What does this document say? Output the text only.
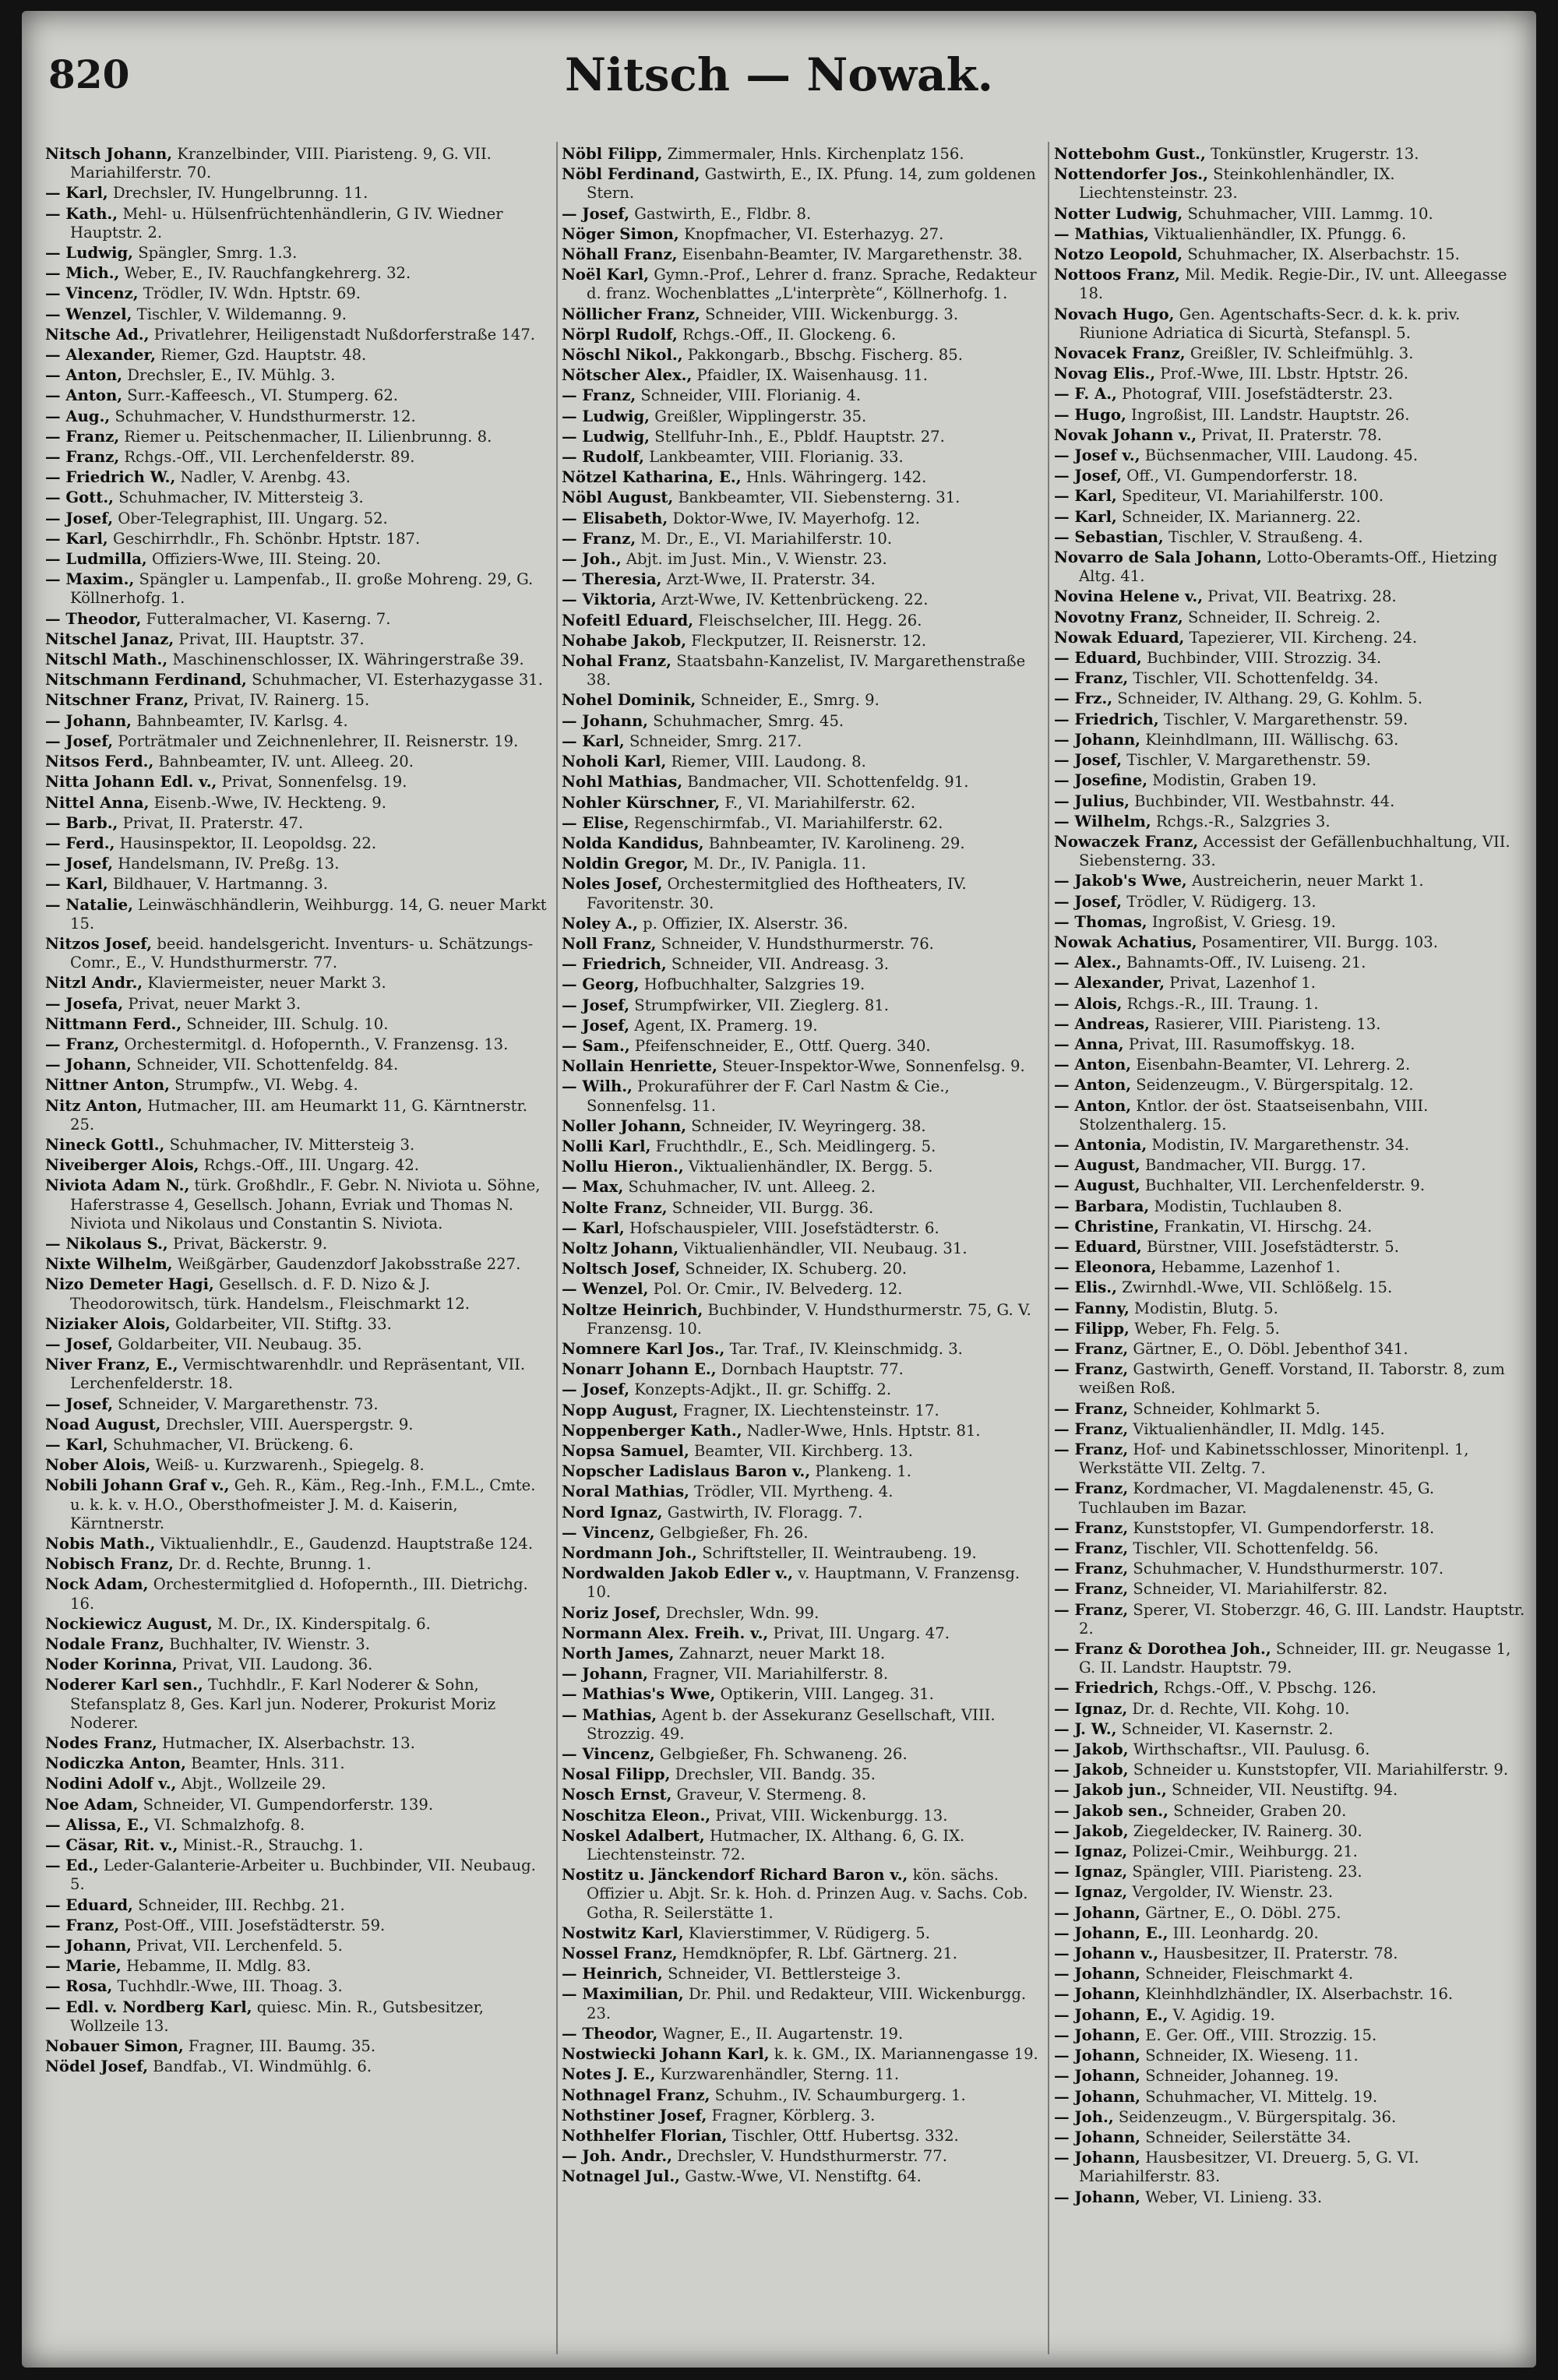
820	Nitsch — Nowak.
Nitsch Johann, Kranzelbinder, VIII. Piaristeng. 9, G. VII. Mariahilferstr. 70.
— Karl, Drechsler, IV. Hungelbrunng. 11.
— Kath., Mehl- u. Hülsenfrüchtenhändlerin, G IV. Wiedner Hauptstr. 2.
— Ludwig, Spängler, Smrg. 1.3.
— Mich., Weber, E., IV. Rauchfangkehrerg. 32.
— Vincenz, Trödler, IV. Wdn. Hptstr. 69.
— Wenzel, Tischler, V. Wildemanng. 9.
Nitsche Ad., Privatlehrer, Heiligenstadt Nußdorferstraße 147.
— Alexander, Riemer, Gzd. Hauptstr. 48.
— Anton, Drechsler, E., IV. Mühlg. 3.
— Anton, Surr.-Kaffeesch., VI. Stumperg. 62.
— Aug., Schuhmacher, V. Hundsthurmerstr. 12.
— Franz, Riemer u. Peitschenmacher, II. Lilienbrunng. 8.
— Franz, Rchgs.-Off., VII. Lerchenfelderstr. 89.
— Friedrich W., Nadler, V. Arenbg. 43.
— Gott., Schuhmacher, IV. Mittersteig 3.
— Josef, Ober-Telegraphist, III. Ungarg. 52.
— Karl, Geschirrhdlr., Fh. Schönbr. Hptstr. 187.
— Ludmilla, Offiziers-Wwe, III. Steing. 20.
— Maxim., Spängler u. Lampenfab., II. große Mohreng. 29, G. Köllnerhofg. 1.
— Theodor, Futteralmacher, VI. Kaserng. 7.
Nitschel Janaz, Privat, III. Hauptstr. 37.
Nitschl Math., Maschinenschlosser, IX. Währingerstraße 39.
Nitschmann Ferdinand, Schuhmacher, VI. Esterhazygasse 31.
Nitschner Franz, Privat, IV. Rainerg. 15.
— Johann, Bahnbeamter, IV. Karlsg. 4.
— Josef, Porträtmaler und Zeichnenlehrer, II. Reisnerstr. 19.
Nitsos Ferd., Bahnbeamter, IV. unt. Alleeg. 20.
Nitta Johann Edl. v., Privat, Sonnenfelsg. 19.
Nittel Anna, Eisenb.-Wwe, IV. Heckteng. 9.
— Barb., Privat, II. Praterstr. 47.
— Ferd., Hausinspektor, II. Leopoldsg. 22.
— Josef, Handelsmann, IV. Preßg. 13.
— Karl, Bildhauer, V. Hartmanng. 3.
— Natalie, Leinwäschhändlerin, Weihburgg. 14, G. neuer Markt 15.
Nitzos Josef, beeid. handelsgericht. Inventurs- u. Schätzungs-Comr., E., V. Hundsthurmerstr. 77.
Nitzl Andr., Klaviermeister, neuer Markt 3.
— Josefa, Privat, neuer Markt 3.
Nittmann Ferd., Schneider, III. Schulg. 10.
— Franz, Orchestermitgl. d. Hofopernth., V. Franzensg. 13.
— Johann, Schneider, VII. Schottenfeldg. 84.
Nittner Anton, Strumpfw., VI. Webg. 4.
Nitz Anton, Hutmacher, III. am Heumarkt 11, G. Kärntnerstr. 25.
Nineck Gottl., Schuhmacher, IV. Mittersteig 3.
Niveiberger Alois, Rchgs.-Off., III. Ungarg. 42.
Niviota Adam N., türk. Großhdlr., F. Gebr. N. Niviota u. Söhne, Haferstrasse 4, Gesellsch. Johann, Evriak und Thomas N. Niviota und Nikolaus und Constantin S. Niviota.
— Nikolaus S., Privat, Bäckerstr. 9.
Nixte Wilhelm, Weißgärber, Gaudenzdorf Jakobsstraße 227.
Nizo Demeter Hagi, Gesellsch. d. F. D. Nizo & J. Theodorowitsch, türk. Handelsm., Fleischmarkt 12.
Niziaker Alois, Goldarbeiter, VII. Stiftg. 33.
— Josef, Goldarbeiter, VII. Neubaug. 35.
Niver Franz, E., Vermischtwarenhdlr. und Repräsentant, VII. Lerchenfelderstr. 18.
— Josef, Schneider, V. Margarethenstr. 73.
Noad August, Drechsler, VIII. Auerspergstr. 9.
— Karl, Schuhmacher, VI. Brückeng. 6.
Nober Alois, Weiß- u. Kurzwarenh., Spiegelg. 8.
Nobili Johann Graf v., Geh. R., Käm., Reg.-Inh., F.M.L., Cmte. u. k. k. v. H.O., Obersthofmeister J. M. d. Kaiserin, Kärntnerstr.
Nobis Math., Viktualienhdlr., E., Gaudenzd. Hauptstraße 124.
Nobisch Franz, Dr. d. Rechte, Brunng. 1.
Nock Adam, Orchestermitglied d. Hofopernth., III. Dietrichg. 16.
Nockiewicz August, M. Dr., IX. Kinderspitalg. 6.
Nodale Franz, Buchhalter, IV. Wienstr. 3.
Noder Korinna, Privat, VII. Laudong. 36.
Noderer Karl sen., Tuchhdlr., F. Karl Noderer & Sohn, Stefansplatz 8, Ges. Karl jun. Noderer, Prokurist Moriz Noderer.
Nodes Franz, Hutmacher, IX. Alserbachstr. 13.
Nodiczka Anton, Beamter, Hnls. 311.
Nodini Adolf v., Abjt., Wollzeile 29.
Noe Adam, Schneider, VI. Gumpendorferstr. 139.
— Alissa, E., VI. Schmalzhofg. 8.
— Cäsar, Rit. v., Minist.-R., Strauchg. 1.
— Ed., Leder-Galanterie-Arbeiter u. Buchbinder, VII. Neubaug. 5.
— Eduard, Schneider, III. Rechbg. 21.
— Franz, Post-Off., VIII. Josefstädterstr. 59.
— Johann, Privat, VII. Lerchenfeld. 5.
— Marie, Hebamme, II. Mdlg. 83.
— Rosa, Tuchhdlr.-Wwe, III. Thoag. 3.
— Edl. v. Nordberg Karl, quiesc. Min. R., Gutsbesitzer, Wollzeile 13.
Nobauer Simon, Fragner, III. Baumg. 35.
Nödel Josef, Bandfab., VI. Windmühlg. 6.
Nöbl Filipp, Zimmermaler, Hnls. Kirchenplatz 156.
Nöbl Ferdinand, Gastwirth, E., IX. Pfung. 14, zum goldenen Stern.
— Josef, Gastwirth, E., Fldbr. 8.
Nöger Simon, Knopfmacher, VI. Esterhazyg. 27.
Nöhall Franz, Eisenbahn-Beamter, IV. Margarethenstr. 38.
Noël Karl, Gymn.-Prof., Lehrer d. franz. Sprache, Redakteur d. franz. Wochenblattes „L'interprète“, Köllnerhofg. 1.
Nöllicher Franz, Schneider, VIII. Wickenburgg. 3.
Nörpl Rudolf, Rchgs.-Off., II. Glockeng. 6.
Nöschl Nikol., Pakkongarb., Bbschg. Fischerg. 85.
Nötscher Alex., Pfaidler, IX. Waisenhausg. 11.
— Franz, Schneider, VIII. Florianig. 4.
— Ludwig, Greißler, Wipplingerstr. 35.
— Ludwig, Stellfuhr-Inh., E., Pbldf. Hauptstr. 27.
— Rudolf, Lankbeamter, VIII. Florianig. 33.
Nötzel Katharina, E., Hnls. Währingerg. 142.
Nöbl August, Bankbeamter, VII. Siebensterng. 31.
— Elisabeth, Doktor-Wwe, IV. Mayerhofg. 12.
— Franz, M. Dr., E., VI. Mariahilferstr. 10.
— Joh., Abjt. im Just. Min., V. Wienstr. 23.
— Theresia, Arzt-Wwe, II. Praterstr. 34.
— Viktoria, Arzt-Wwe, IV. Kettenbrückeng. 22.
Nofeitl Eduard, Fleischselcher, III. Hegg. 26.
Nohabe Jakob, Fleckputzer, II. Reisnerstr. 12.
Nohal Franz, Staatsbahn-Kanzelist, IV. Margarethenstraße 38.
Nohel Dominik, Schneider, E., Smrg. 9.
— Johann, Schuhmacher, Smrg. 45.
— Karl, Schneider, Smrg. 217.
Noholi Karl, Riemer, VIII. Laudong. 8.
Nohl Mathias, Bandmacher, VII. Schottenfeldg. 91.
Nohler Kürschner, F., VI. Mariahilferstr. 62.
— Elise, Regenschirmfab., VI. Mariahilferstr. 62.
Nolda Kandidus, Bahnbeamter, IV. Karolineng. 29.
Noldin Gregor, M. Dr., IV. Panigla. 11.
Noles Josef, Orchestermitglied des Hoftheaters, IV. Favoritenstr. 30.
Noley A., p. Offizier, IX. Alserstr. 36.
Noll Franz, Schneider, V. Hundsthurmerstr. 76.
— Friedrich, Schneider, VII. Andreasg. 3.
— Georg, Hofbuchhalter, Salzgries 19.
— Josef, Strumpfwirker, VII. Zieglerg. 81.
— Josef, Agent, IX. Pramerg. 19.
— Sam., Pfeifenschneider, E., Ottf. Querg. 340.
Nollain Henriette, Steuer-Inspektor-Wwe, Sonnenfelsg. 9.
— Wilh., Prokuraführer der F. Carl Nastm & Cie., Sonnenfelsg. 11.
Noller Johann, Schneider, IV. Weyringerg. 38.
Nolli Karl, Fruchthdlr., E., Sch. Meidlingerg. 5.
Nollu Hieron., Viktualienhändler, IX. Bergg. 5.
— Max, Schuhmacher, IV. unt. Alleeg. 2.
Nolte Franz, Schneider, VII. Burgg. 36.
— Karl, Hofschauspieler, VIII. Josefstädterstr. 6.
Noltz Johann, Viktualienhändler, VII. Neubaug. 31.
Noltsch Josef, Schneider, IX. Schuberg. 20.
— Wenzel, Pol. Or. Cmir., IV. Belvederg. 12.
Noltze Heinrich, Buchbinder, V. Hundsthurmerstr. 75, G. V. Franzensg. 10.
Nomnere Karl Jos., Tar. Traf., IV. Kleinschmidg. 3.
Nonarr Johann E., Dornbach Hauptstr. 77.
— Josef, Konzepts-Adjkt., II. gr. Schiffg. 2.
Nopp August, Fragner, IX. Liechtensteinstr. 17.
Noppenberger Kath., Nadler-Wwe, Hnls. Hptstr. 81.
Nopsa Samuel, Beamter, VII. Kirchberg. 13.
Nopscher Ladislaus Baron v., Plankeng. 1.
Noral Mathias, Trödler, VII. Myrtheng. 4.
Nord Ignaz, Gastwirth, IV. Floragg. 7.
— Vincenz, Gelbgießer, Fh. 26.
Nordmann Joh., Schriftsteller, II. Weintraubeng. 19.
Nordwalden Jakob Edler v., v. Hauptmann, V. Franzensg. 10.
Noriz Josef, Drechsler, Wdn. 99.
Normann Alex. Freih. v., Privat, III. Ungarg. 47.
North James, Zahnarzt, neuer Markt 18.
— Johann, Fragner, VII. Mariahilferstr. 8.
— Mathias's Wwe, Optikerin, VIII. Langeg. 31.
— Mathias, Agent b. der Assekuranz Gesellschaft, VIII. Strozzig. 49.
— Vincenz, Gelbgießer, Fh. Schwaneng. 26.
Nosal Filipp, Drechsler, VII. Bandg. 35.
Nosch Ernst, Graveur, V. Stermeng. 8.
Noschitza Eleon., Privat, VIII. Wickenburgg. 13.
Noskel Adalbert, Hutmacher, IX. Althang. 6, G. IX. Liechtensteinstr. 72.
Nostitz u. Jänckendorf Richard Baron v., kön. sächs. Offizier u. Abjt. Sr. k. Hoh. d. Prinzen Aug. v. Sachs. Cob. Gotha, R. Seilerstätte 1.
Nostwitz Karl, Klavierstimmer, V. Rüdigerg. 5.
Nossel Franz, Hemdknöpfer, R. Lbf. Gärtnerg. 21.
— Heinrich, Schneider, VI. Bettlersteige 3.
— Maximilian, Dr. Phil. und Redakteur, VIII. Wickenburgg. 23.
— Theodor, Wagner, E., II. Augartenstr. 19.
Nostwiecki Johann Karl, k. k. GM., IX. Mariannengasse 19.
Notes J. E., Kurzwarenhändler, Sterng. 11.
Nothnagel Franz, Schuhm., IV. Schaumburgerg. 1.
Nothstiner Josef, Fragner, Körblerg. 3.
Nothhelfer Florian, Tischler, Ottf. Hubertsg. 332.
— Joh. Andr., Drechsler, V. Hundsthurmerstr. 77.
Notnagel Jul., Gastw.-Wwe, VI. Nenstiftg. 64.
Nottebohm Gust., Tonkünstler, Krugerstr. 13.
Nottendorfer Jos., Steinkohlenhändler, IX. Liechtensteinstr. 23.
Notter Ludwig, Schuhmacher, VIII. Lammg. 10.
— Mathias, Viktualienhändler, IX. Pfungg. 6.
Notzo Leopold, Schuhmacher, IX. Alserbachstr. 15.
Nottoos Franz, Mil. Medik. Regie-Dir., IV. unt. Alleegasse 18.
Novach Hugo, Gen. Agentschafts-Secr. d. k. k. priv. Riunione Adriatica di Sicurtà, Stefanspl. 5.
Novacek Franz, Greißler, IV. Schleifmühlg. 3.
Novag Elis., Prof.-Wwe, III. Lbstr. Hptstr. 26.
— F. A., Photograf, VIII. Josefstädterstr. 23.
— Hugo, Ingroßist, III. Landstr. Hauptstr. 26.
Novak Johann v., Privat, II. Praterstr. 78.
— Josef v., Büchsenmacher, VIII. Laudong. 45.
— Josef, Off., VI. Gumpendorferstr. 18.
— Karl, Spediteur, VI. Mariahilferstr. 100.
— Karl, Schneider, IX. Mariannerg. 22.
— Sebastian, Tischler, V. Straußeng. 4.
Novarro de Sala Johann, Lotto-Oberamts-Off., Hietzing Altg. 41.
Novina Helene v., Privat, VII. Beatrixg. 28.
Novotny Franz, Schneider, II. Schreig. 2.
Nowak Eduard, Tapezierer, VII. Kircheng. 24.
— Eduard, Buchbinder, VIII. Strozzig. 34.
— Franz, Tischler, VII. Schottenfeldg. 34.
— Frz., Schneider, IV. Althang. 29, G. Kohlm. 5.
— Friedrich, Tischler, V. Margarethenstr. 59.
— Johann, Kleinhdlmann, III. Wällischg. 63.
— Josef, Tischler, V. Margarethenstr. 59.
— Josefine, Modistin, Graben 19.
— Julius, Buchbinder, VII. Westbahnstr. 44.
— Wilhelm, Rchgs.-R., Salzgries 3.
Nowaczek Franz, Accessist der Gefällenbuchhaltung, VII. Siebensterng. 33.
— Jakob's Wwe, Austreicherin, neuer Markt 1.
— Josef, Trödler, V. Rüdigerg. 13.
— Thomas, Ingroßist, V. Griesg. 19.
Nowak Achatius, Posamentirer, VII. Burgg. 103.
— Alex., Bahnamts-Off., IV. Luiseng. 21.
— Alexander, Privat, Lazenhof 1.
— Alois, Rchgs.-R., III. Traung. 1.
— Andreas, Rasierer, VIII. Piaristeng. 13.
— Anna, Privat, III. Rasumoffskyg. 18.
— Anton, Eisenbahn-Beamter, VI. Lehrerg. 2.
— Anton, Seidenzeugm., V. Bürgerspitalg. 12.
— Anton, Kntlor. der öst. Staatseisenbahn, VIII. Stolzenthalerg. 15.
— Antonia, Modistin, IV. Margarethenstr. 34.
— August, Bandmacher, VII. Burgg. 17.
— August, Buchhalter, VII. Lerchenfelderstr. 9.
— Barbara, Modistin, Tuchlauben 8.
— Christine, Frankatin, VI. Hirschg. 24.
— Eduard, Bürstner, VIII. Josefstädterstr. 5.
— Eleonora, Hebamme, Lazenhof 1.
— Elis., Zwirnhdl.-Wwe, VII. Schlößelg. 15.
— Fanny, Modistin, Blutg. 5.
— Filipp, Weber, Fh. Felg. 5.
— Franz, Gärtner, E., O. Döbl. Jebenthof 341.
— Franz, Gastwirth, Geneff. Vorstand, II. Taborstr. 8, zum weißen Roß.
— Franz, Schneider, Kohlmarkt 5.
— Franz, Viktualienhändler, II. Mdlg. 145.
— Franz, Hof- und Kabinetsschlosser, Minoritenpl. 1, Werkstätte VII. Zeltg. 7.
— Franz, Kordmacher, VI. Magdalenenstr. 45, G. Tuchlauben im Bazar.
— Franz, Kunststopfer, VI. Gumpendorferstr. 18.
— Franz, Tischler, VII. Schottenfeldg. 56.
— Franz, Schuhmacher, V. Hundsthurmerstr. 107.
— Franz, Schneider, VI. Mariahilferstr. 82.
— Franz, Sperer, VI. Stoberzgr. 46, G. III. Landstr. Hauptstr. 2.
— Franz & Dorothea Joh., Schneider, III. gr. Neugasse 1, G. II. Landstr. Hauptstr. 79.
— Friedrich, Rchgs.-Off., V. Pbschg. 126.
— Ignaz, Dr. d. Rechte, VII. Kohg. 10.
— J. W., Schneider, VI. Kasernstr. 2.
— Jakob, Wirthschaftsr., VII. Paulusg. 6.
— Jakob, Schneider u. Kunststopfer, VII. Mariahilferstr. 9.
— Jakob jun., Schneider, VII. Neustiftg. 94.
— Jakob sen., Schneider, Graben 20.
— Jakob, Ziegeldecker, IV. Rainerg. 30.
— Ignaz, Polizei-Cmir., Weihburgg. 21.
— Ignaz, Spängler, VIII. Piaristeng. 23.
— Ignaz, Vergolder, IV. Wienstr. 23.
— Johann, Gärtner, E., O. Döbl. 275.
— Johann, E., III. Leonhardg. 20.
— Johann v., Hausbesitzer, II. Praterstr. 78.
— Johann, Schneider, Fleischmarkt 4.
— Johann, Kleinhhdlzhändler, IX. Alserbachstr. 16.
— Johann, E., V. Agidig. 19.
— Johann, E. Ger. Off., VIII. Strozzig. 15.
— Johann, Schneider, IX. Wieseng. 11.
— Johann, Schneider, Johanneg. 19.
— Johann, Schuhmacher, VI. Mittelg. 19.
— Joh., Seidenzeugm., V. Bürgerspitalg. 36.
— Johann, Schneider, Seilerstätte 34.
— Johann, Hausbesitzer, VI. Dreuerg. 5, G. VI. Mariahilferstr. 83.
— Johann, Weber, VI. Linieng. 33.
